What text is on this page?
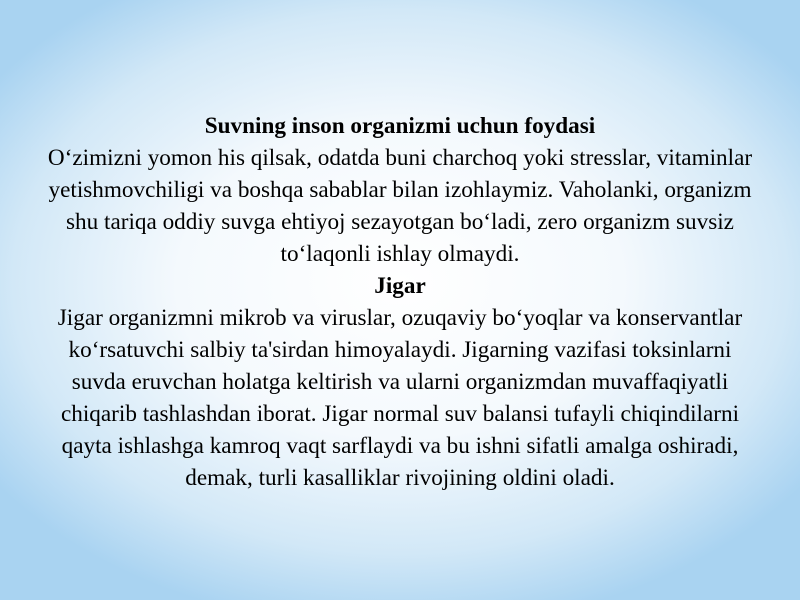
Suvning inson organizmi uchun foydasi
O‘zimizni yomon his qilsak, odatda buni charchoq yoki stresslar, vitaminlar yetishmovchiligi va boshqa sabablar bilan izohlaymiz. Vaholanki, organizm shu tariqa oddiy suvga ehtiyoj sezayotgan bo‘ladi, zero organizm suvsiz to‘laqonli ishlay olmaydi.
Jigar
Jigar organizmni mikrob va viruslar, ozuqaviy bo‘yoqlar va konservantlar ko‘rsatuvchi salbiy ta'sirdan himoyalaydi. Jigarning vazifasi toksinlarni suvda eruvchan holatga keltirish va ularni organizmdan muvaffaqiyatli chiqarib tashlashdan iborat. Jigar normal suv balansi tufayli chiqindilarni qayta ishlashga kamroq vaqt sarflaydi va bu ishni sifatli amalga oshiradi, demak, turli kasalliklar rivojining oldini oladi.
